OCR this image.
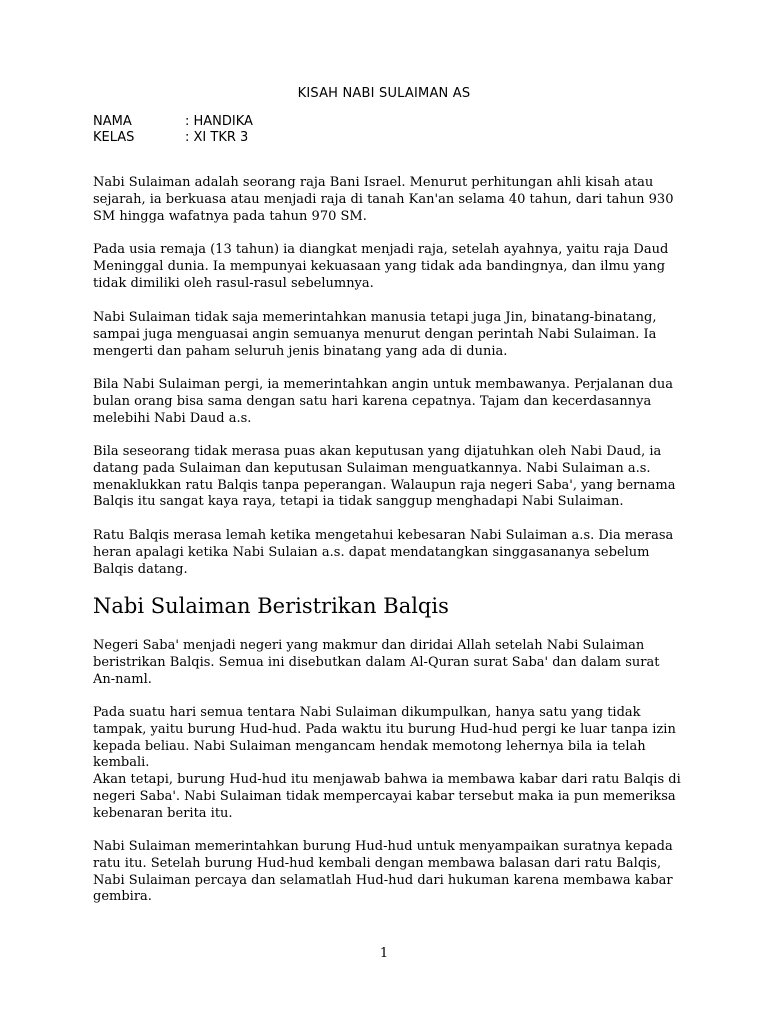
KISAH NABI SULAIMAN AS
NAMA	: HANDIKA
KELAS	: XI TKR 3

Nabi Sulaiman adalah seorang raja Bani Israel. Menurut perhitungan ahli kisah atau sejarah, ia berkuasa atau menjadi raja di tanah Kan'an selama 40 tahun, dari tahun 930 SM hingga wafatnya pada tahun 970 SM.

Pada usia remaja (13 tahun) ia diangkat menjadi raja, setelah ayahnya, yaitu raja Daud Meninggal dunia. Ia mempunyai kekuasaan yang tidak ada bandingnya, dan ilmu yang tidak dimiliki oleh rasul-rasul sebelumnya.

Nabi Sulaiman tidak saja memerintahkan manusia tetapi juga Jin, binatang-binatang, sampai juga menguasai angin semuanya menurut dengan perintah Nabi Sulaiman. Ia mengerti dan paham seluruh jenis binatang yang ada di dunia.

Bila Nabi Sulaiman pergi, ia memerintahkan angin untuk membawanya. Perjalanan dua bulan orang bisa sama dengan satu hari karena cepatnya. Tajam dan kecerdasannya melebihi Nabi Daud a.s.

Bila seseorang tidak merasa puas akan keputusan yang dijatuhkan oleh Nabi Daud, ia datang pada Sulaiman dan keputusan Sulaiman menguatkannya. Nabi Sulaiman a.s. menaklukkan ratu Balqis tanpa peperangan. Walaupun raja negeri Saba', yang bernama Balqis itu sangat kaya raya, tetapi ia tidak sanggup menghadapi Nabi Sulaiman.

Ratu Balqis merasa lemah ketika mengetahui kebesaran Nabi Sulaiman a.s. Dia merasa heran apalagi ketika Nabi Sulaian a.s. dapat mendatangkan singgasananya sebelum Balqis datang.

Nabi Sulaiman Beristrikan Balqis

Negeri Saba' menjadi negeri yang makmur dan diridai Allah setelah Nabi Sulaiman beristrikan Balqis. Semua ini disebutkan dalam Al-Quran surat Saba' dan dalam surat An-naml.

Pada suatu hari semua tentara Nabi Sulaiman dikumpulkan, hanya satu yang tidak tampak, yaitu burung Hud-hud. Pada waktu itu burung Hud-hud pergi ke luar tanpa izin kepada beliau. Nabi Sulaiman mengancam hendak memotong lehernya bila ia telah kembali.

Akan tetapi, burung Hud-hud itu menjawab bahwa ia membawa kabar dari ratu Balqis di negeri Saba'. Nabi Sulaiman tidak mempercayai kabar tersebut maka ia pun memeriksa kebenaran berita itu.

Nabi Sulaiman memerintahkan burung Hud-hud untuk menyampaikan suratnya kepada ratu itu. Setelah burung Hud-hud kembali dengan membawa balasan dari ratu Balqis, Nabi Sulaiman percaya dan selamatlah Hud-hud dari hukuman karena membawa kabar gembira.

1
